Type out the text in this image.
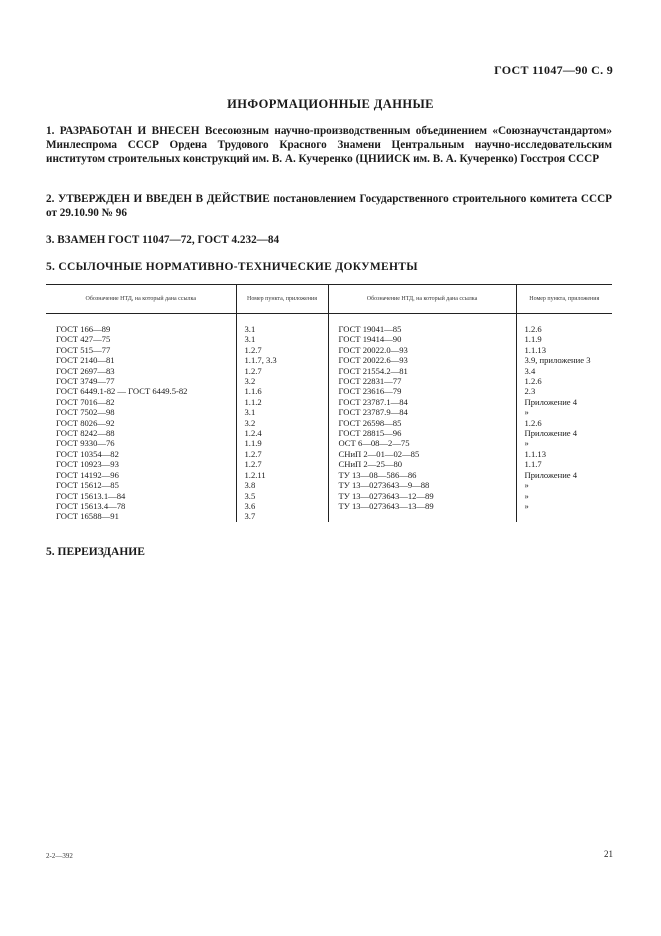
ГОСТ 11047—90 С. 9
ИНФОРМАЦИОННЫЕ ДАННЫЕ
1. РАЗРАБОТАН И ВНЕСЕН Всесоюзным научно-производственным объединением «Союзнаучстандартом» Минлеспрома СССР Ордена Трудового Красного Знамени Центральным научно-исследовательским институтом строительных конструкций им. В. А. Кучеренко (ЦНИИСК им. В. А. Кучеренко) Госстроя СССР
2. УТВЕРЖДЕН И ВВЕДЕН В ДЕЙСТВИЕ постановлением Государственного строительного комитета СССР от 29.10.90 № 96
3. ВЗАМЕН ГОСТ 11047—72, ГОСТ 4.232—84
5. ССЫЛОЧНЫЕ НОРМАТИВНО-ТЕХНИЧЕСКИЕ ДОКУМЕНТЫ
Обозначение НТД, на который дана ссылка	Номер пункта, приложения	Обозначение НТД, на который дана ссылка	Номер пункта, приложения
ГОСТ 166—89	3.1	ГОСТ 19041—85	1.2.6
ГОСТ 427—75	3.1	ГОСТ 19414—90	1.1.9
ГОСТ 515—77	1.2.7	ГОСТ 20022.0—93	1.1.13
ГОСТ 2140—81	1.1.7, 3.3	ГОСТ 20022.6—93	3.9, приложение 3
ГОСТ 2697—83	1.2.7	ГОСТ 21554.2—81	3.4
ГОСТ 3749—77	3.2	ГОСТ 22831—77	1.2.6
ГОСТ 6449.1-82 — ГОСТ 6449.5-82	1.1.6	ГОСТ 23616—79	2.3
ГОСТ 7016—82	1.1.2	ГОСТ 23787.1—84	Приложение 4
ГОСТ 7502—98	3.1	ГОСТ 23787.9—84	»
ГОСТ 8026—92	3.2	ГОСТ 26598—85	1.2.6
ГОСТ 8242—88	1.2.4	ГОСТ 28815—96	Приложение 4
ГОСТ 9330—76	1.1.9	ОСТ 6—08—2—75	»
ГОСТ 10354—82	1.2.7	СНиП 2—01—02—85	1.1.13
ГОСТ 10923—93	1.2.7	СНиП 2—25—80	1.1.7
ГОСТ 14192—96	1.2.11	ТУ 13—08—586—86	Приложение 4
ГОСТ 15612—85	3.8	ТУ 13—0273643—9—88	»
ГОСТ 15613.1—84	3.5	ТУ 13—0273643—12—89	»
ГОСТ 15613.4—78	3.6	ТУ 13—0273643—13—89	»
ГОСТ 16588—91	3.7		
5. ПЕРЕИЗДАНИЕ
2-2—392	21
